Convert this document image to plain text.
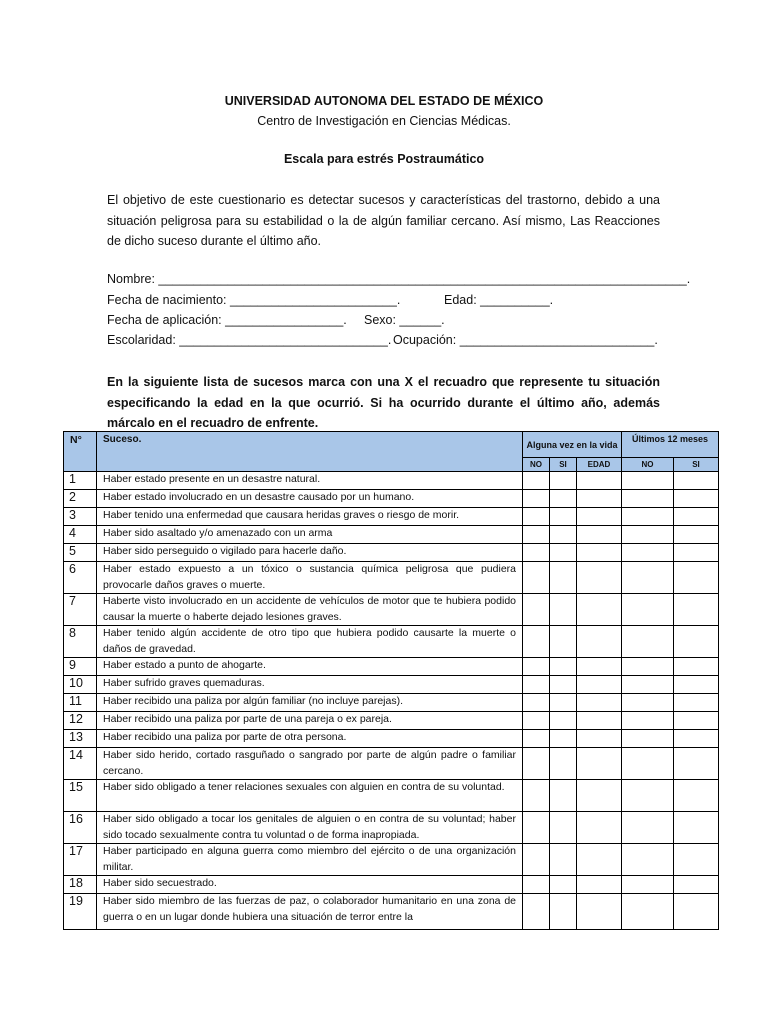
UNIVERSIDAD AUTONOMA DEL ESTADO DE MÉXICO
Centro de Investigación en Ciencias Médicas.
Escala para estrés Postraumático
El objetivo de este cuestionario es detectar sucesos y características del trastorno, debido a una situación peligrosa para su estabilidad o la de algún familiar cercano. Así mismo, Las Reacciones de dicho suceso durante el último año.
Nombre: ____________________________________________________________________________.
Fecha de nacimiento: ________________________.	Edad: __________.
Fecha de aplicación: _________________. Sexo: ______.
Escolaridad: ______________________________. Ocupación: ____________________________.
En la siguiente lista de sucesos marca con una X el recuadro que represente tu situación especificando la edad en la que ocurrió. Si ha ocurrido durante el último año, además márcalo en el recuadro de enfrente.
N°	Suceso.	Alguna vez en la vida			Últimos 12 meses	
		NO	SI	EDAD	NO	SI
1	Haber estado presente en un desastre natural.					
2	Haber estado involucrado en un desastre causado por un humano.					
3	Haber tenido una enfermedad que causara heridas graves o riesgo de morir.					
4	Haber sido asaltado y/o amenazado con un arma					
5	Haber sido perseguido o vigilado para hacerle daño.					
6	Haber estado expuesto a un tóxico o sustancia química peligrosa que pudiera provocarle daños graves o muerte.					
7	Haberte visto involucrado en un accidente de vehículos de motor que te hubiera podido causar la muerte o haberte dejado lesiones graves.					
8	Haber tenido algún accidente de otro tipo que hubiera podido causarte la muerte o daños de gravedad.					
9	Haber estado a punto de ahogarte.					
10	Haber sufrido graves quemaduras.					
11	Haber recibido una paliza por algún familiar (no incluye parejas).					
12	Haber recibido una paliza por parte de una pareja o ex pareja.					
13	Haber recibido una paliza por parte de otra persona.					
14	Haber sido herido, cortado rasguñado o sangrado por parte de algún padre o familiar cercano.					
15	Haber sido obligado a tener relaciones sexuales con alguien en contra de su voluntad.					
16	Haber sido obligado a tocar los genitales de alguien o en contra de su voluntad; haber sido tocado sexualmente contra tu voluntad o de forma inapropiada.					
17	Haber participado en alguna guerra como miembro del ejército o de una organización militar.					
18	Haber sido secuestrado.					
19	Haber sido miembro de las fuerzas de paz, o colaborador humanitario en una zona de guerra o en un lugar donde hubiera una situación de terror entre la					
